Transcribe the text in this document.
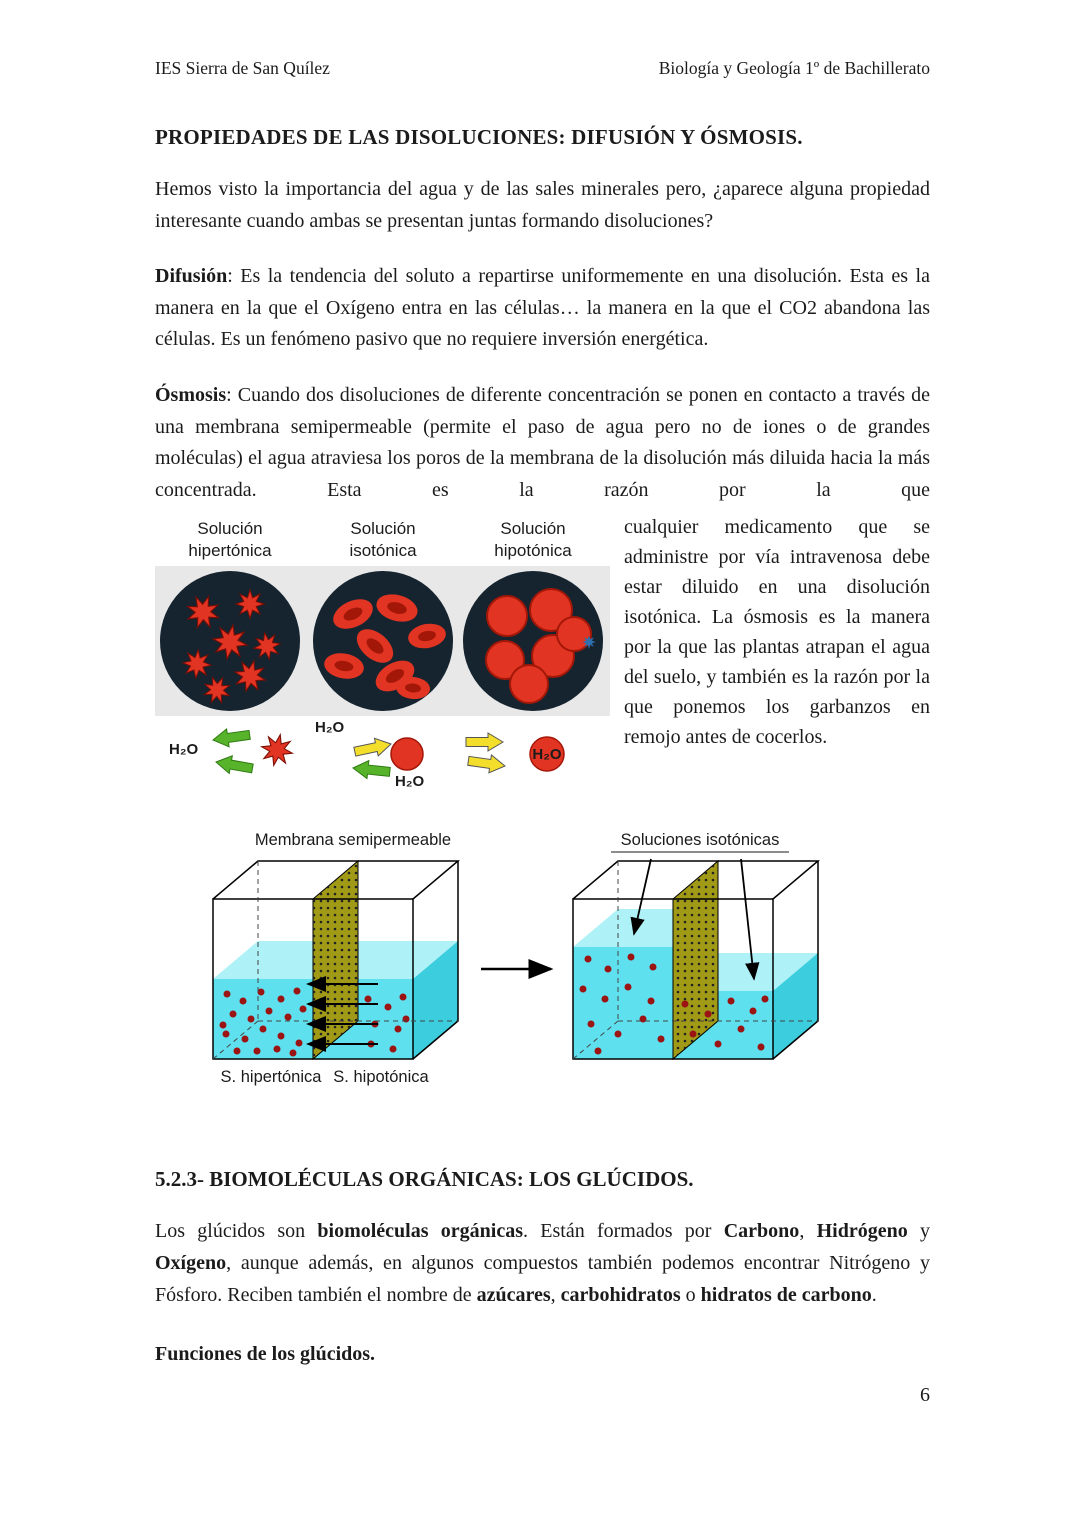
IES Sierra de San Quílez	Biología y Geología 1º de Bachillerato
PROPIEDADES DE LAS DISOLUCIONES: DIFUSIÓN Y ÓSMOSIS.

Hemos visto la importancia del agua y de las sales minerales pero, ¿aparece alguna propiedad interesante cuando ambas se presentan juntas formando disoluciones?

Difusión: Es la tendencia del soluto a repartirse uniformemente en una disolución. Esta es la manera en la que el Oxígeno entra en las células… la manera en la que el CO2 abandona las células. Es un fenómeno pasivo que no requiere inversión energética.

Ósmosis: Cuando dos disoluciones de diferente concentración se ponen en contacto a través de una membrana semipermeable (permite el paso de agua pero no de iones o de grandes moléculas) el agua atraviesa los poros de la membrana de la disolución más diluida hacia la más concentrada. Esta es la razón por la que

Solución
hipertónica
Solución
isotónica
Solución
hipotónica
H₂O
H₂O
H₂O
H₂O

cualquier medicamento que se administre por vía intravenosa debe estar diluido en una disolución isotónica. La ósmosis es la manera por la que las plantas atrapan el agua del suelo, y también es la razón por la que ponemos los garbanzos en remojo antes de cocerlos.

Membrana semipermeable	Soluciones isotónicas
S. hipertónica S. hipotónica
5.2.3- BIOMOLÉCULAS ORGÁNICAS: LOS GLÚCIDOS.

Los glúcidos son biomoléculas orgánicas. Están formados por Carbono, Hidrógeno y Oxígeno, aunque además, en algunos compuestos también podemos encontrar Nitrógeno y Fósforo. Reciben también el nombre de azúcares, carbohidratos o hidratos de carbono.

Funciones de los glúcidos.

6
